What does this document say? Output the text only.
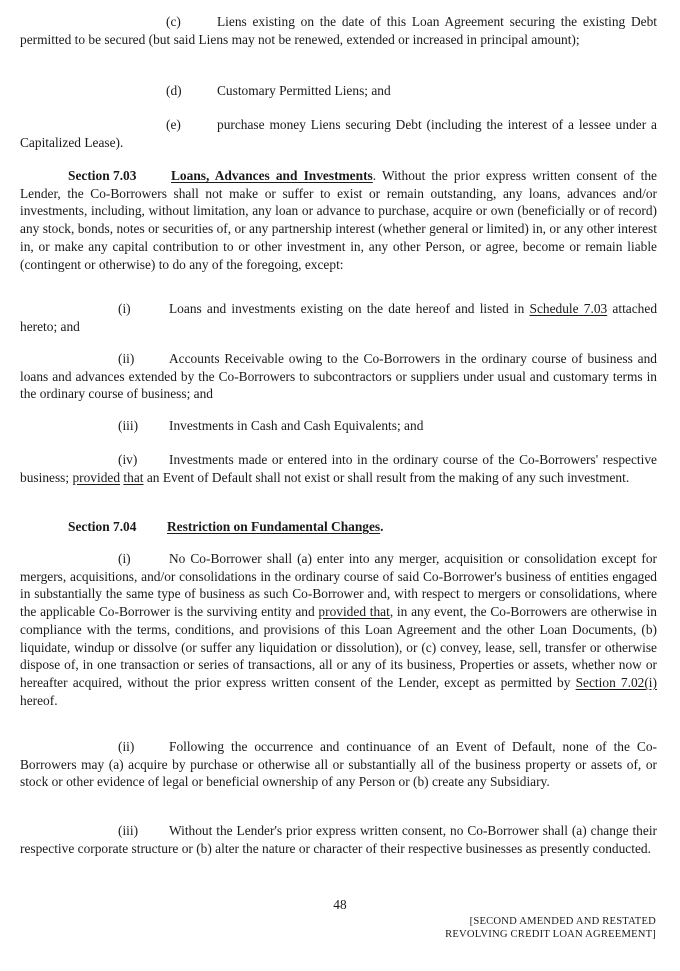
(c)	Liens existing on the date of this Loan Agreement securing the existing Debt permitted to be secured (but said Liens may not be renewed, extended or increased in principal amount);

(d)	Customary Permitted Liens; and

(e)	purchase money Liens securing Debt (including the interest of a lessee under a Capitalized Lease).

Section 7.03	Loans, Advances and Investments. Without the prior express written consent of the Lender, the Co-Borrowers shall not make or suffer to exist or remain outstanding, any loans, advances and/or investments, including, without limitation, any loan or advance to purchase, acquire or own (beneficially or of record) any stock, bonds, notes or securities of, or any partnership interest (whether general or limited) in, or any other interest in, or make any capital contribution to or other investment in, any other Person, or agree, become or remain liable (contingent or otherwise) to do any of the foregoing, except:

(i)	Loans and investments existing on the date hereof and listed in Schedule 7.03 attached hereto; and

(ii)	Accounts Receivable owing to the Co-Borrowers in the ordinary course of business and loans and advances extended by the Co-Borrowers to subcontractors or suppliers under usual and customary terms in the ordinary course of business; and

(iii) Investments in Cash and Cash Equivalents; and

(iv) Investments made or entered into in the ordinary course of the Co-Borrowers' respective business; provided that an Event of Default shall not exist or shall result from the making of any such investment.

Section 7.04 Restriction on Fundamental Changes.

(i)	No Co-Borrower shall (a) enter into any merger, acquisition or consolidation except for mergers, acquisitions, and/or consolidations in the ordinary course of said Co-Borrower's business of entities engaged in substantially the same type of business as such Co-Borrower and, with respect to mergers or consolidations, where the applicable Co-Borrower is the surviving entity and provided that, in any event, the Co-Borrowers are otherwise in compliance with the terms, conditions, and provisions of this Loan Agreement and the other Loan Documents, (b) liquidate, windup or dissolve (or suffer any liquidation or dissolution), or (c) convey, lease, sell, transfer or otherwise dispose of, in one transaction or series of transactions, all or any of its business, Properties or assets, whether now or hereafter acquired, without the prior express written consent of the Lender, except as permitted by Section 7.02(i) hereof.

(ii)	Following the occurrence and continuance of an Event of Default, none of the Co-Borrowers may (a) acquire by purchase or otherwise all or substantially all of the business property or assets of, or stock or other evidence of legal or beneficial ownership of any Person or (b) create any Subsidiary.

(iii) Without the Lender's prior express written consent, no Co-Borrower shall (a) change their respective corporate structure or (b) alter the nature or character of their respective businesses as presently conducted.

48
[SECOND AMENDED AND RESTATED
REVOLVING CREDIT LOAN AGREEMENT]
